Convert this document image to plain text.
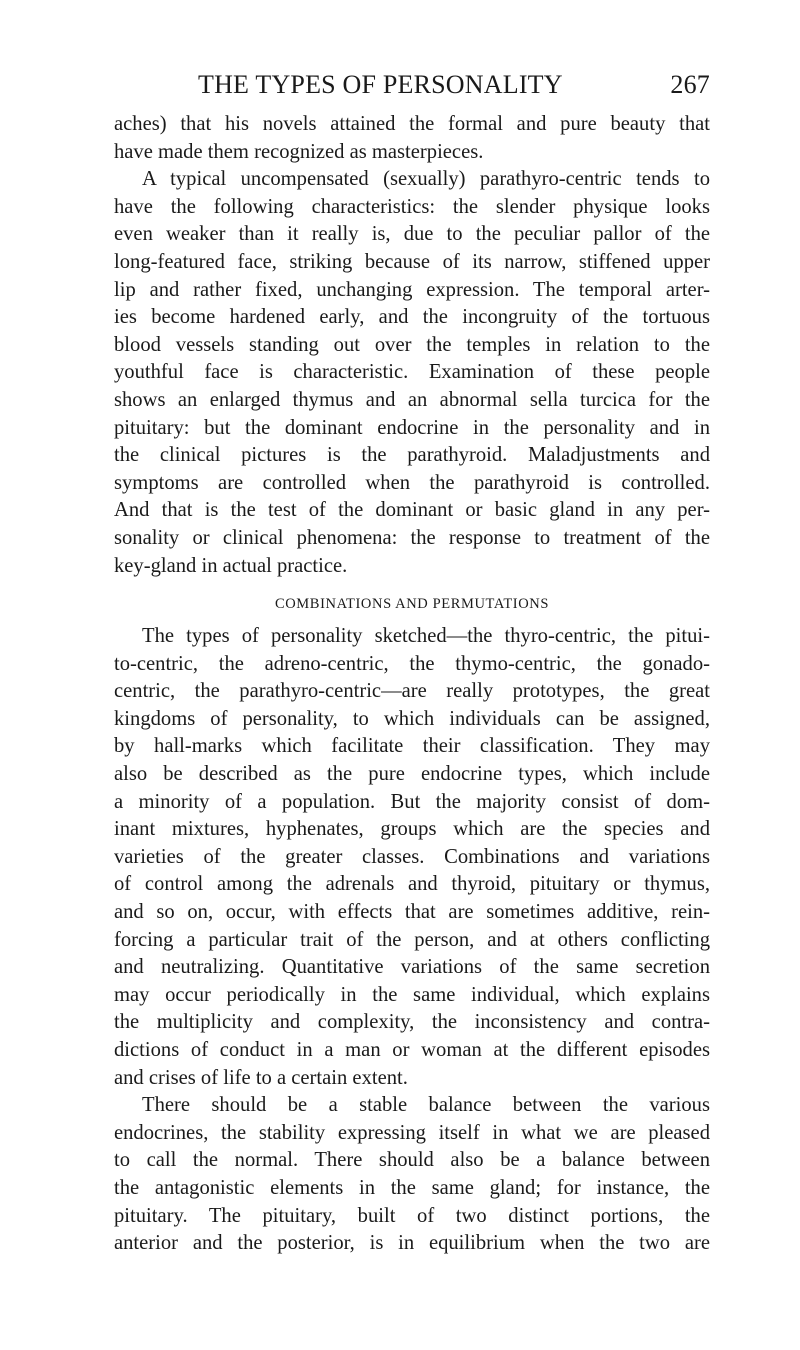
THE TYPES OF PERSONALITY	267

aches) that his novels attained the formal and pure beauty that
have made them recognized as masterpieces.

A typical uncompensated (sexually) parathyro-centric tends to
have the following characteristics: the slender physique looks
even weaker than it really is, due to the peculiar pallor of the
long-featured face, striking because of its narrow, stiffened upper
lip and rather fixed, unchanging expression. The temporal arter-
ies become hardened early, and the incongruity of the tortuous
blood vessels standing out over the temples in relation to the
youthful face is characteristic. Examination of these people
shows an enlarged thymus and an abnormal sella turcica for the
pituitary: but the dominant endocrine in the personality and in
the clinical pictures is the parathyroid. Maladjustments and
symptoms are controlled when the parathyroid is controlled.
And that is the test of the dominant or basic gland in any per-
sonality or clinical phenomena: the response to treatment of the
key-gland in actual practice.

COMBINATIONS AND PERMUTATIONS

The types of personality sketched—the thyro-centric, the pitui-
to-centric, the adreno-centric, the thymo-centric, the gonado-
centric, the parathyro-centric—are really prototypes, the great
kingdoms of personality, to which individuals can be assigned,
by hall-marks which facilitate their classification. They may
also be described as the pure endocrine types, which include
a minority of a population. But the majority consist of dom-
inant mixtures, hyphenates, groups which are the species and
varieties of the greater classes. Combinations and variations
of control among the adrenals and thyroid, pituitary or thymus,
and so on, occur, with effects that are sometimes additive, rein-
forcing a particular trait of the person, and at others conflicting
and neutralizing. Quantitative variations of the same secretion
may occur periodically in the same individual, which explains
the multiplicity and complexity, the inconsistency and contra-
dictions of conduct in a man or woman at the different episodes
and crises of life to a certain extent.

There should be a stable balance between the various
endocrines, the stability expressing itself in what we are pleased
to call the normal. There should also be a balance between
the antagonistic elements in the same gland; for instance, the
pituitary. The pituitary, built of two distinct portions, the
anterior and the posterior, is in equilibrium when the two are
